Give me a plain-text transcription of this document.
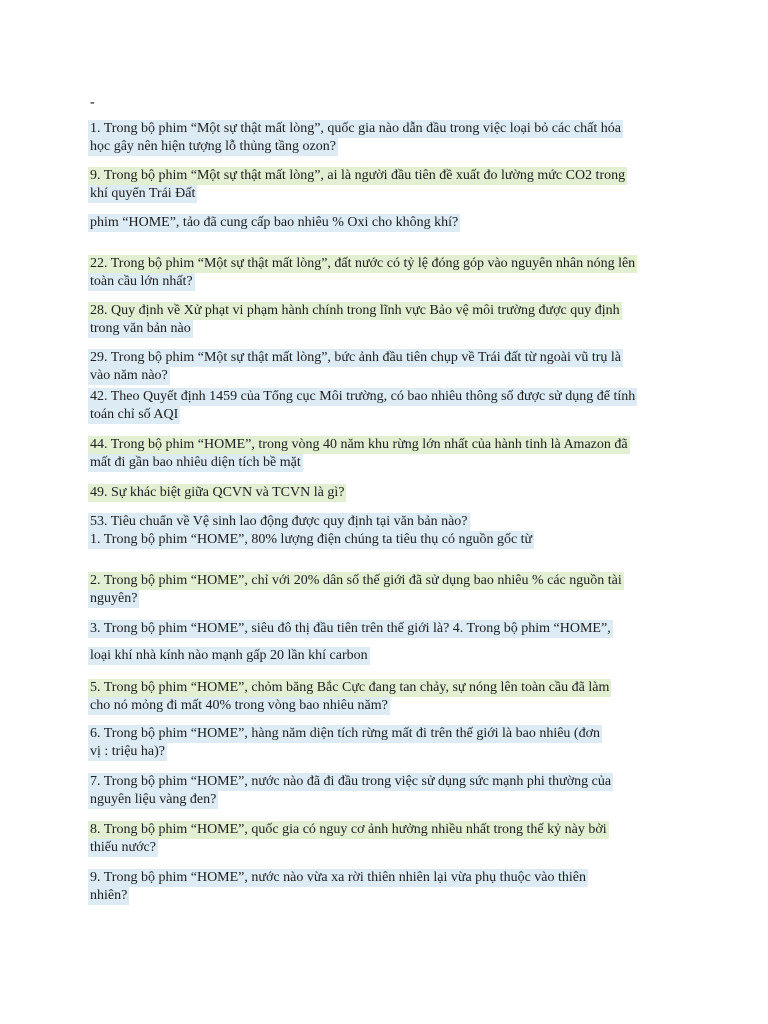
-
1. Trong bộ phim “Một sự thật mất lòng”, quốc gia nào dẫn đầu trong việc loại bỏ các chất hóa
học gây nên hiện tượng lỗ thủng tầng ozon?
9. Trong bộ phim “Một sự thật mất lòng”, ai là người đầu tiên đề xuất đo lường mức CO2 trong
khí quyển Trái Đất
phim “HOME”, tảo đã cung cấp bao nhiêu % Oxi cho không khí?
22. Trong bộ phim “Một sự thật mất lòng”, đất nước có tỷ lệ đóng góp vào nguyên nhân nóng lên
toàn cầu lớn nhất?
28. Quy định về Xử phạt vi phạm hành chính trong lĩnh vực Bảo vệ môi trường được quy định
trong văn bản nào
29. Trong bộ phim “Một sự thật mất lòng”, bức ảnh đầu tiên chụp về Trái đất từ ngoài vũ trụ là
vào năm nào?
42. Theo Quyết định 1459 của Tổng cục Môi trường, có bao nhiêu thông số được sử dụng để tính
toán chỉ số AQI
44. Trong bộ phim “HOME”, trong vòng 40 năm khu rừng lớn nhất của hành tinh là Amazon đã
mất đi gần bao nhiêu diện tích bề mặt
49. Sự khác biệt giữa QCVN và TCVN là gì?
53. Tiêu chuẩn về Vệ sinh lao động được quy định tại văn bản nào?
1. Trong bộ phim “HOME”, 80% lượng điện chúng ta tiêu thụ có nguồn gốc từ
2. Trong bộ phim “HOME”, chỉ với 20% dân số thế giới đã sử dụng bao nhiêu % các nguồn tài
nguyên?
3. Trong bộ phim “HOME”, siêu đô thị đầu tiên trên thế giới là? 4. Trong bộ phim “HOME”,
loại khí nhà kính nào mạnh gấp 20 lần khí carbon
5. Trong bộ phim “HOME”, chỏm băng Bắc Cực đang tan chảy, sự nóng lên toàn cầu đã làm
cho nó mỏng đi mất 40% trong vòng bao nhiêu năm?
6. Trong bộ phim “HOME”, hàng năm diện tích rừng mất đi trên thế giới là bao nhiêu (đơn
vị : triệu ha)?
7. Trong bộ phim “HOME”, nước nào đã đi đầu trong việc sử dụng sức mạnh phi thường của
nguyên liệu vàng đen?
8. Trong bộ phim “HOME”, quốc gia có nguy cơ ảnh hưởng nhiều nhất trong thế kỷ này bởi
thiếu nước?
9. Trong bộ phim “HOME”, nước nào vừa xa rời thiên nhiên lại vừa phụ thuộc vào thiên
nhiên?
